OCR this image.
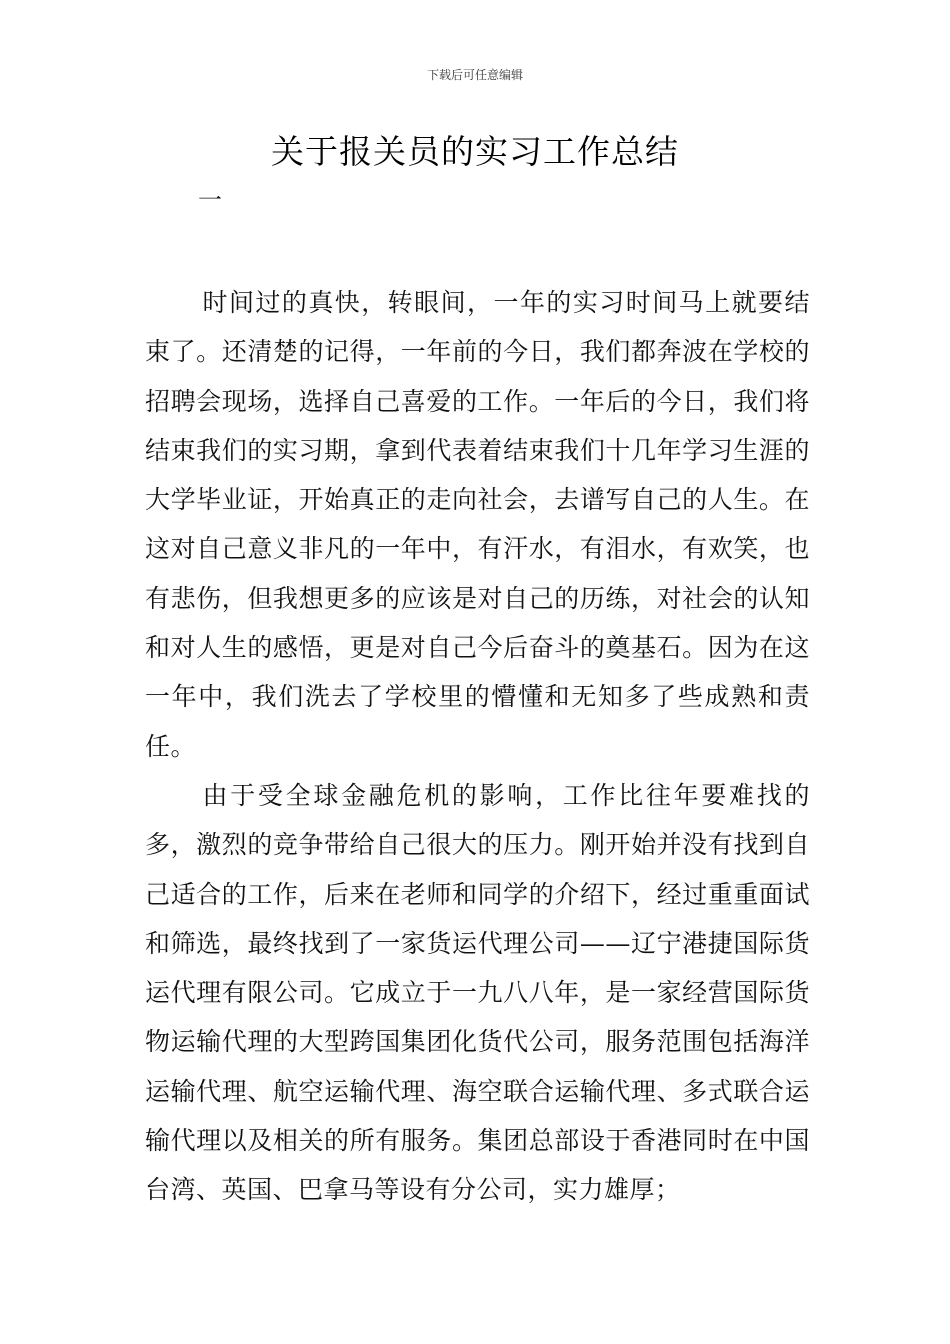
下载后可任意编辑
关于报关员的实习工作总结
一

时间过的真快，转眼间，一年的实习时间马上就要结束了。还清楚的记得，一年前的今日，我们都奔波在学校的招聘会现场，选择自己喜爱的工作。一年后的今日，我们将结束我们的实习期，拿到代表着结束我们十几年学习生涯的大学毕业证，开始真正的走向社会，去谱写自己的人生。在这对自己意义非凡的一年中，有汗水，有泪水，有欢笑，也有悲伤，但我想更多的应该是对自己的历练，对社会的认知和对人生的感悟，更是对自己今后奋斗的奠基石。因为在这一年中，我们洗去了学校里的懵懂和无知多了些成熟和责任。

由于受全球金融危机的影响，工作比往年要难找的多，激烈的竞争带给自己很大的压力。刚开始并没有找到自己适合的工作，后来在老师和同学的介绍下，经过重重面试和筛选，最终找到了一家货运代理公司——辽宁港捷国际货运代理有限公司。它成立于一九八八年，是一家经营国际货物运输代理的大型跨国集团化货代公司，服务范围包括海洋运输代理、航空运输代理、海空联合运输代理、多式联合运输代理以及相关的所有服务。集团总部设于香港同时在中国台湾、英国、巴拿马等设有分公司，实力雄厚；
